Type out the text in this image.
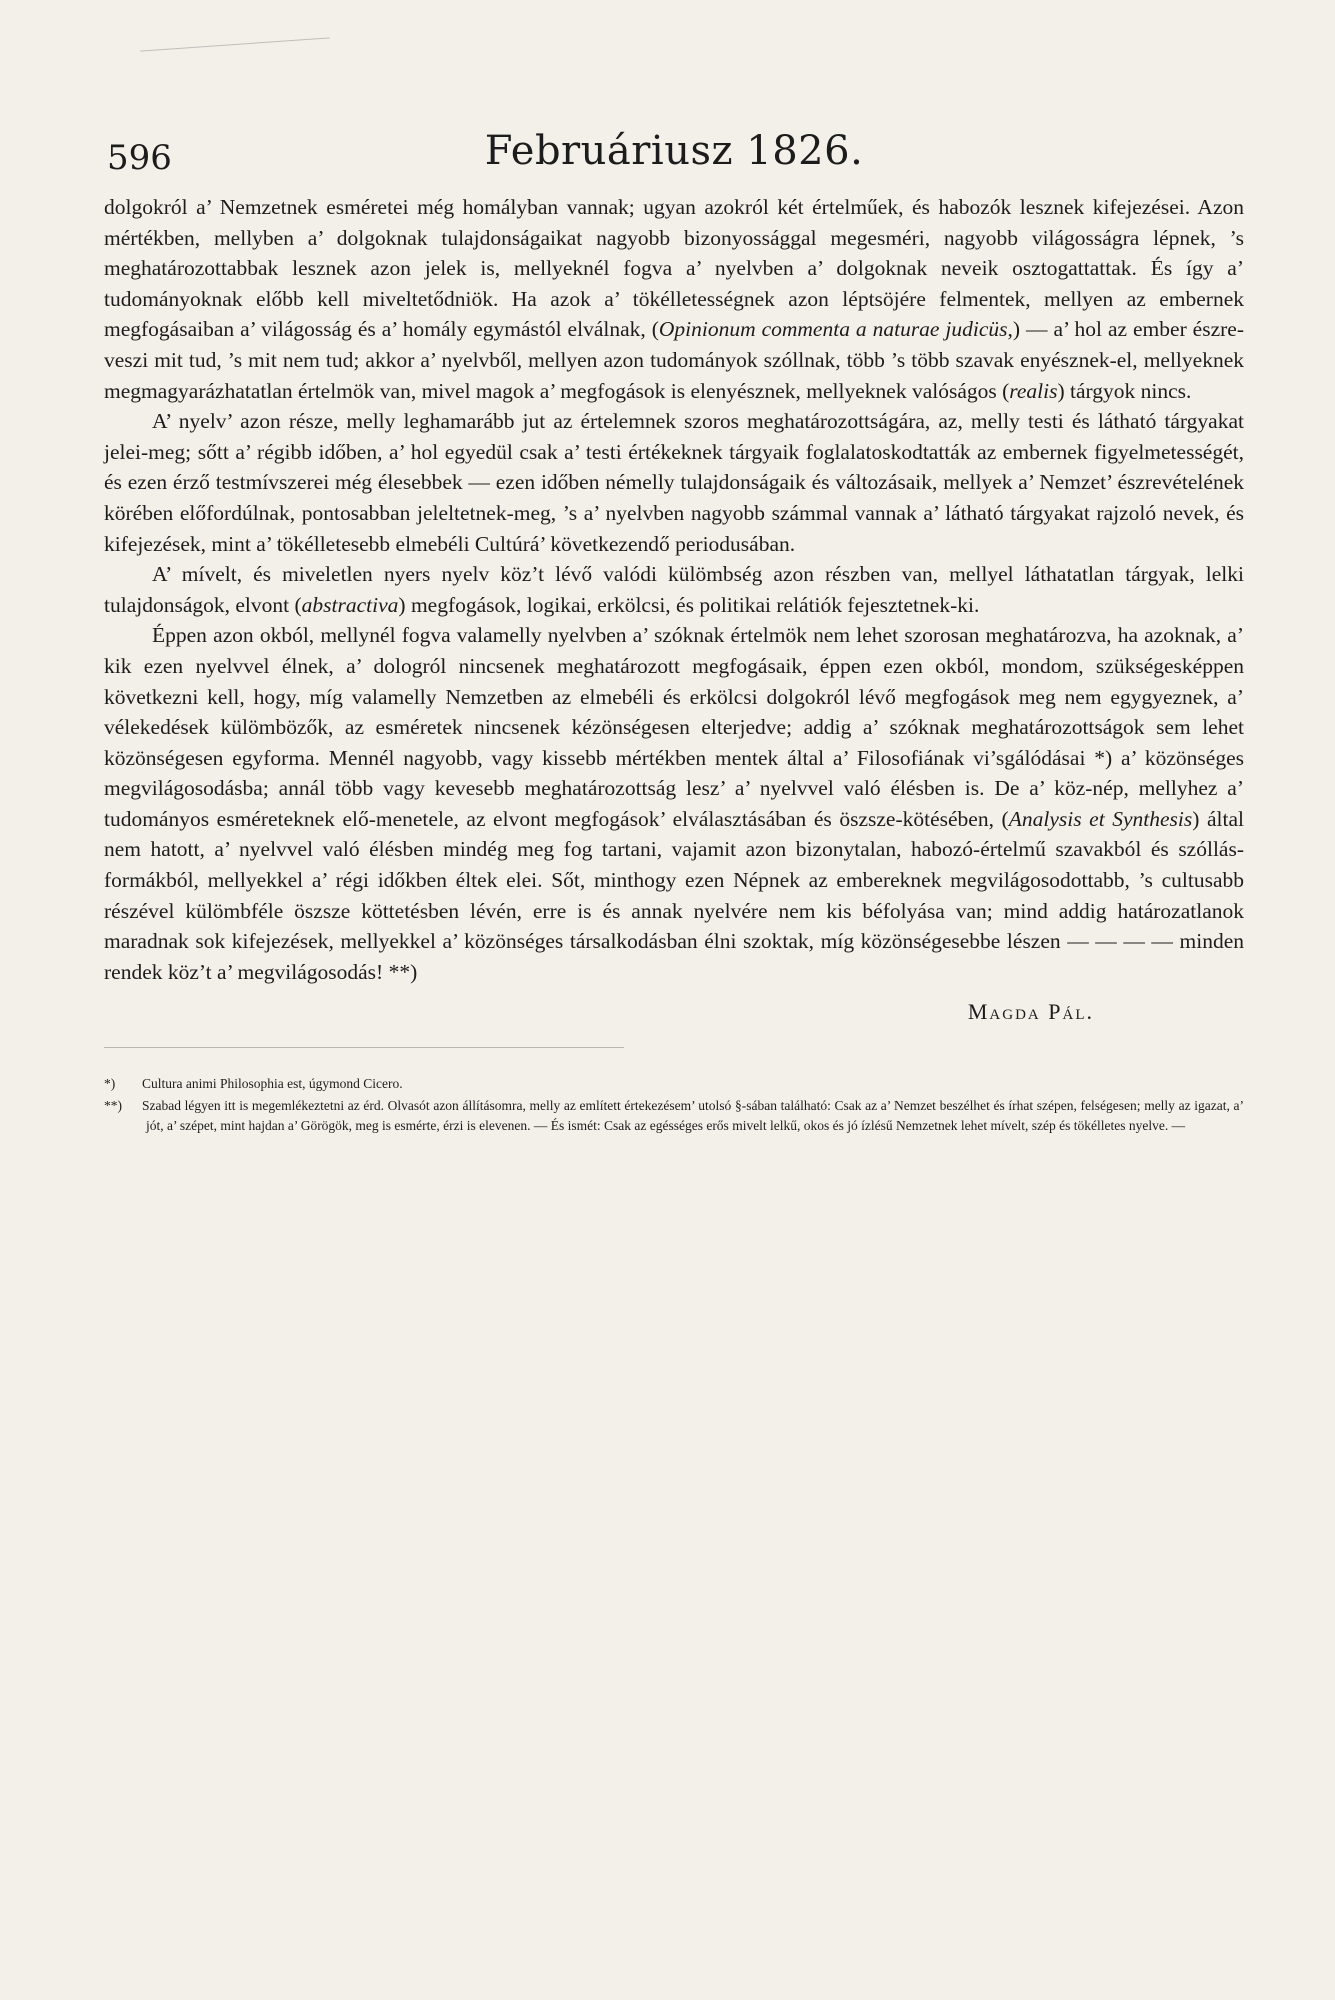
596	Februáriusz 1826.

dolgokról a’ Nemzetnek esméretei még homályban vannak; ugyan azokról két értelműek, és habozók lesznek kifejezései. Azon mértékben, mellyben a’ dolgoknak tulajdonságaikat nagyobb bizonyossággal megesméri, nagyobb világosságra lépnek, ’s meghatározottabbak lesznek azon jelek is, mellyeknél fogva a’ nyelvben a’ dolgoknak neveik osztogattattak. És így a’ tudományoknak előbb kell miveltetődniök. Ha azok a’ tökélletességnek azon léptsöjére felmentek, mellyen az embernek megfogásaiban a’ világosság és a’ homály egymástól elválnak, (Opinionum commenta a naturae judicüs,) — a’ hol az ember észre-veszi mit tud, ’s mit nem tud; akkor a’ nyelvből, mellyen azon tudományok szóllnak, több ’s több szavak enyésznek-el, mellyeknek megmagyarázhatatlan értelmök van, mivel magok a’ megfogások is elenyésznek, mellyeknek valóságos (realis) tárgyok nincs.

A’ nyelv’ azon része, melly leghamarább jut az értelemnek szoros meghatározottságára, az, melly testi és látható tárgyakat jelei-meg; sőtt a’ régibb időben, a’ hol egyedül csak a’ testi értékeknek tárgyaik foglalatoskodtatták az embernek figyelmetességét, és ezen érző testmívszerei még élesebbek — ezen időben némelly tulajdonságaik és változásaik, mellyek a’ Nemzet’ észrevételének körében előfordúlnak, pontosabban jeleltetnek-meg, ’s a’ nyelvben nagyobb számmal vannak a’ látható tárgyakat rajzoló nevek, és kifejezések, mint a’ tökélletesebb elmebéli Cultúrá’ következendő periodusában.

A’ mívelt, és miveletlen nyers nyelv köz’t lévő valódi külömbség azon részben van, mellyel láthatatlan tárgyak, lelki tulajdonságok, elvont (abstractiva) megfogások, logikai, erkölcsi, és politikai relátiók fejesztetnek-ki.

Éppen azon okból, mellynél fogva valamelly nyelvben a’ szóknak értelmök nem lehet szorosan meghatározva, ha azoknak, a’ kik ezen nyelvvel élnek, a’ dologról nincsenek meghatározott megfogásaik, éppen ezen okból, mondom, szükségesképpen következni kell, hogy, míg valamelly Nemzetben az elmebéli és erkölcsi dolgokról lévő megfogások meg nem egygyeznek, a’ vélekedések külömbözők, az esméretek nincsenek kézönségesen elterjedve; addig a’ szóknak meghatározottságok sem lehet közönségesen egyforma. Mennél nagyobb, vagy kissebb mértékben mentek által a’ Filosofiának vi’sgálódásai *) a’ közönséges megvilágosodásba; annál több vagy kevesebb meghatározottság lesz’ a’ nyelvvel való élésben is. De a’ köz-nép, mellyhez a’ tudományos esméreteknek elő-menetele, az elvont megfogások’ elválasztásában és öszsze-kötésében, (Analysis et Synthesis) által nem hatott, a’ nyelvvel való élésben mindég meg fog tartani, vajamit azon bizonytalan, habozó-értelmű szavakból és szóllás-formákból, mellyekkel a’ régi időkben éltek elei. Sőt, minthogy ezen Népnek az embereknek megvilágosodottabb, ’s cultusabb részével külömbféle öszsze köttetésben lévén, erre is és annak nyelvére nem kis béfolyása van; mind addig határozatlanok maradnak sok kifejezések, mellyekkel a’ közönséges társalkodásban élni szoktak, míg közönségesebbe lészen — — — — minden rendek köz’t a’ megvilágosodás! **)

Magda Pál.

*) Cultura animi Philosophia est, úgymond Cicero.

**) Szabad légyen itt is megemlékeztetni az érd. Olvasót azon állításomra, melly az említett értekezésem’ utolsó §-sában található: Csak az a’ Nemzet beszélhet és írhat szépen, felségesen; melly az igazat, a’ jót, a’ szépet, mint hajdan a’ Görögök, meg is esmérte, érzi is elevenen. — És ismét: Csak az egésséges erős mivelt lelkű, okos és jó ízlésű Nemzetnek lehet mívelt, szép és tökélletes nyelve. —
